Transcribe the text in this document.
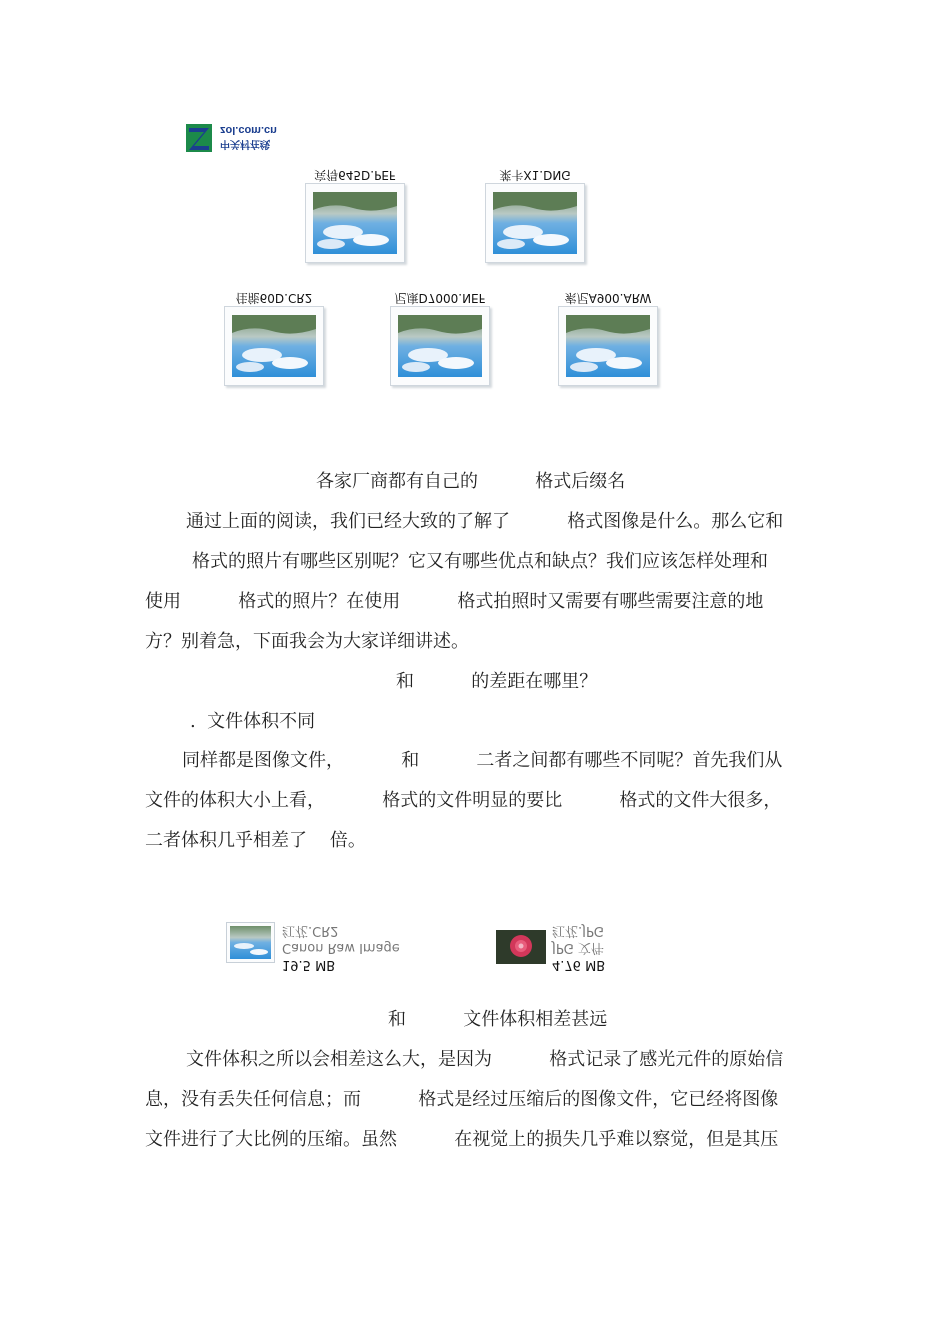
zol.com.cn
中关村在线
宾得645D.PEF	莱卡X1.DNG
佳能60D.CR2	尼康D7000.NEF	索尼A900.ARW
各家厂商都有自己的          格式后缀名
通过上面的阅读，我们已经大致的了解了          格式图像是什么。那么它和
格式的照片有哪些区别呢？它又有哪些优点和缺点？我们应该怎样处理和
使用          格式的照片？在使用          格式拍照时又需要有哪些需要注意的地
方？别着急，下面我会为大家详细讲述。
和          的差距在哪里？
.  文件体积不同
同样都是图像文件，          和          二者之间都有哪些不同呢？首先我们从
文件的体积大小上看，          格式的文件明显的要比          格式的文件大很多，
二者体积几乎相差了    倍。
19.5 MB
Canon Raw Image
红花.CR2
4.76 MB
JPG 文件
红花.JPG
和          文件体积相差甚远
文件体积之所以会相差这么大，是因为          格式记录了感光元件的原始信
息，没有丢失任何信息；而          格式是经过压缩后的图像文件，它已经将图像
文件进行了大比例的压缩。虽然          在视觉上的损失几乎难以察觉，但是其压
